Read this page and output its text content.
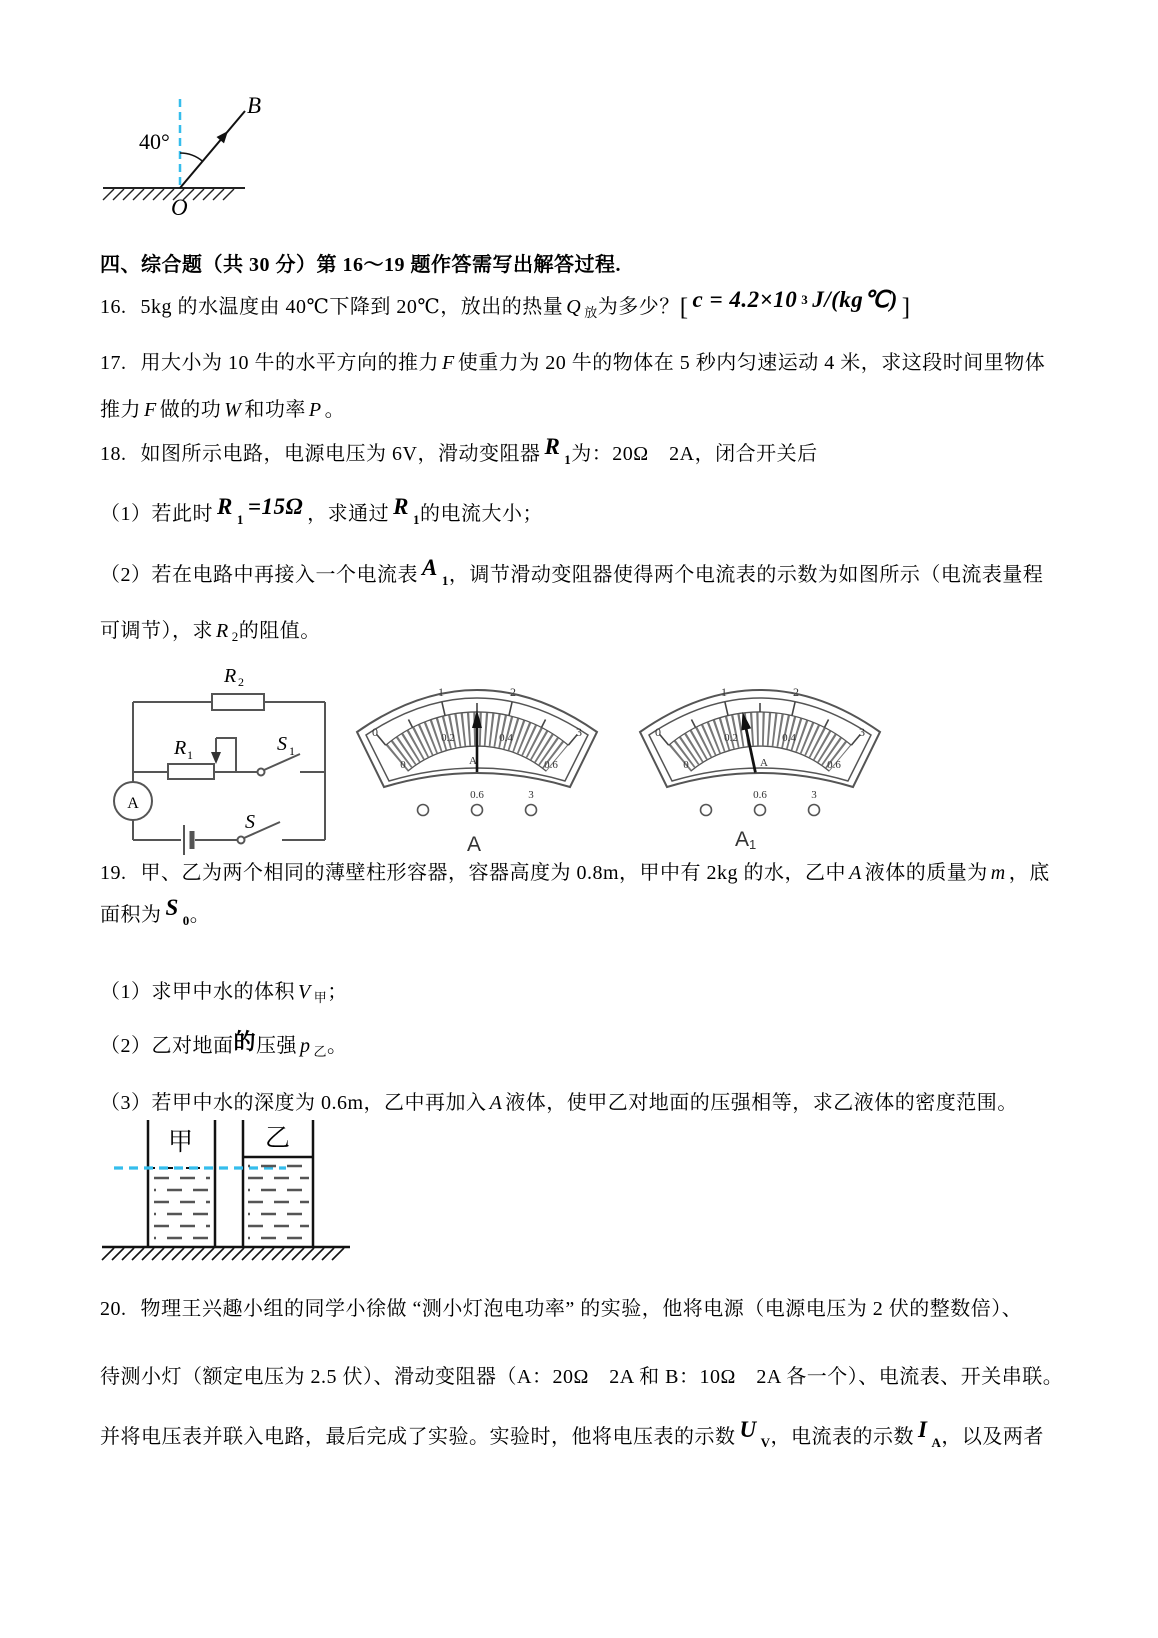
40°
B
O
四、综合题（共 30 分）第 16～19 题作答需写出解答过程.
16. 5kg 的水温度由 40℃下降到 20℃，放出的热量 Q $_放$为多少？[ c = 4.2×10 $^3$ J/(kg℃) ]
17. 用大小为 10 牛的水平方向的推力 F 使重力为 20 牛的物体在 5 秒内匀速运动 4 米，求这段时间里物体
推力 F 做的功 W 和功率 P 。
18. 如图所示电路，电源电压为 6V，滑动变阻器 $R_1$为：20Ω　2A，闭合开关后
（1）若此时 $R_1=15\Omega$ ，求通过 $R_1$的电流大小；
（2）若在电路中再接入一个电流表 $A_1$，调节滑动变阻器使得两个电流表的示数为如图所示（电流表量程
可调节），求 R $_2$的阻值。
R 2
R 1	S 1
S
A
0
1	2
3
0
0.2	0.4
0.6
A
0.6	3
0
1	2
3
0
0.2	0.4
0.6
A
0.6	3
A	A1
19. 甲、乙为两个相同的薄壁柱形容器，容器高度为 0.8m，甲中有 2kg 的水，乙中 A 液体的质量为 m ，底
面积为 $S_0$。
（1）求甲中水的体积 V $_甲$；
（2）乙对地面的压强 p $_乙$。
（3）若甲中水的深度为 0.6m，乙中再加入 A 液体，使甲乙对地面的压强相等，求乙液体的密度范围。
甲	乙
20. 物理王兴趣小组的同学小徐做 “测小灯泡电功率” 的实验，他将电源（电源电压为 2 伏的整数倍）、
待测小灯（额定电压为 2.5 伏）、滑动变阻器（A：20Ω　2A 和 B：10Ω　2A 各一个）、电流表、开关串联。
并将电压表并联入电路，最后完成了实验。实验时，他将电压表的示数 $U_V$，电流表的示数 $I_A$，以及两者
